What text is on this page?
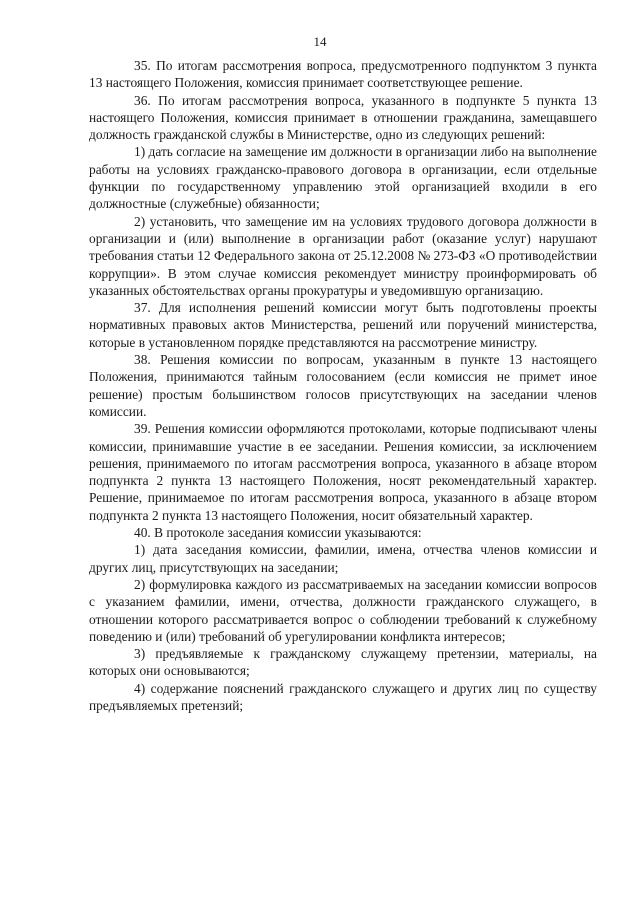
14

35. По итогам рассмотрения вопроса, предусмотренного подпунктом 3 пункта 13 настоящего Положения, комиссия принимает соответствующее решение.

36. По итогам рассмотрения вопроса, указанного в подпункте 5 пункта 13 настоящего Положения, комиссия принимает в отношении гражданина, замещавшего должность гражданской службы в Министерстве, одно из следующих решений:

1) дать согласие на замещение им должности в организации либо на выполнение работы на условиях гражданско-правового договора в организации, если отдельные функции по государственному управлению этой организацией входили в его должностные (служебные) обязанности;

2) установить, что замещение им на условиях трудового договора должности в организации и (или) выполнение в организации работ (оказание услуг) нарушают требования статьи 12 Федерального закона от 25.12.2008 № 273-ФЗ «О противодействии коррупции». В этом случае комиссия рекомендует министру проинформировать об указанных обстоятельствах органы прокуратуры и уведомившую организацию.

37. Для исполнения решений комиссии могут быть подготовлены проекты нормативных правовых актов Министерства, решений или поручений министерства, которые в установленном порядке представляются на рассмотрение министру.

38. Решения комиссии по вопросам, указанным в пункте 13 настоящего Положения, принимаются тайным голосованием (если комиссия не примет иное решение) простым большинством голосов присутствующих на заседании членов комиссии.

39. Решения комиссии оформляются протоколами, которые подписывают члены комиссии, принимавшие участие в ее заседании. Решения комиссии, за исключением решения, принимаемого по итогам рассмотрения вопроса, указанного в абзаце втором подпункта 2 пункта 13 настоящего Положения, носят рекомендательный характер. Решение, принимаемое по итогам рассмотрения вопроса, указанного в абзаце втором подпункта 2 пункта 13 настоящего Положения, носит обязательный характер.

40. В протоколе заседания комиссии указываются:

1) дата заседания комиссии, фамилии, имена, отчества членов комиссии и других лиц, присутствующих на заседании;

2) формулировка каждого из рассматриваемых на заседании комиссии вопросов с указанием фамилии, имени, отчества, должности гражданского служащего, в отношении которого рассматривается вопрос о соблюдении требований к служебному поведению и (или) требований об урегулировании конфликта интересов;

3) предъявляемые к гражданскому служащему претензии, материалы, на которых они основываются;

4) содержание пояснений гражданского служащего и других лиц по существу предъявляемых претензий;
